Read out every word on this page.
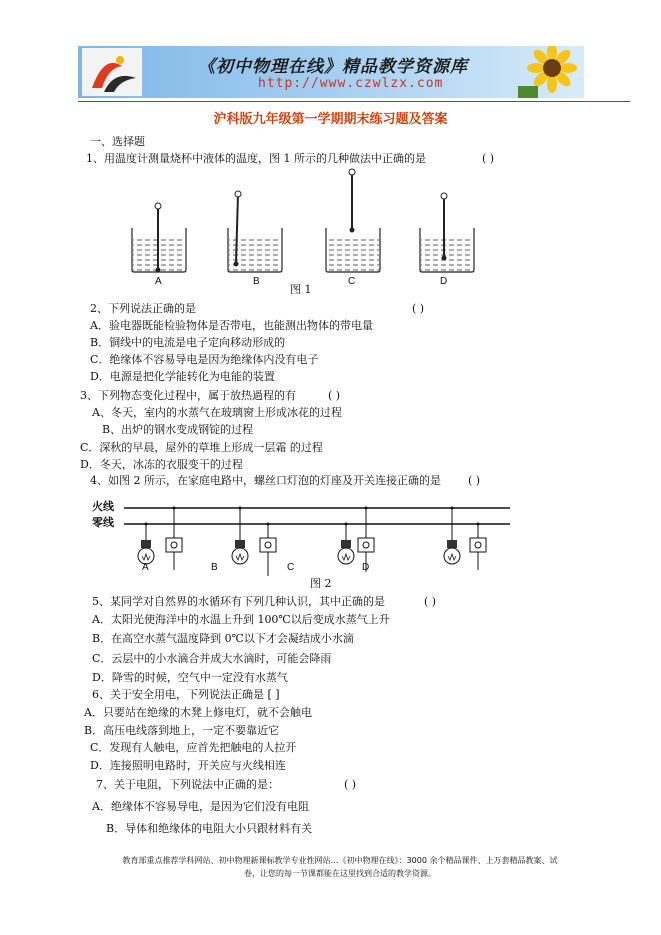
《初中物理在线》精品教学资源库
http://www.czwlzx.com
沪科版九年级第一学期期末练习题及答案
一、选择题
1、用温度计测量烧杯中液体的温度，图 1 所示的几种做法中正确的是	( )
A	B	C	D
图 1
2、下列说法正确的是	( )
A．验电器既能检验物体是否带电，也能测出物体的带电量
B．铜线中的电流是电子定向移动形成的
C．绝缘体不容易导电是因为绝缘体内没有电子
D．电源是把化学能转化为电能的装置
3、下列物态变化过程中，属于放热過程的有	( )
A、冬天，室内的水蒸气在玻璃窗上形成冰花的过程
B、出炉的钢水变成钢锭的过程
C．深秋的早晨，屋外的草堆上形成一层霜 的过程
D．冬天，冰冻的衣服变干的过程
4、如图 2 所示，在家庭电路中，螺丝口灯泡的灯座及开关连接正确的是 ( )
火线
零线
A	B	C	D
图 2
5、某同学对自然界的水循环有下列几种认识，其中正确的是	( )
A．太阳光使海洋中的水温上升到 100℃以后变成水蒸气上升
B．在高空水蒸气温度降到 0℃以下才会凝结成小水滴
C．云层中的小水滴合并成大水滴时，可能会降雨
D．降雪的时候，空气中一定没有水蒸气
6、关于安全用电，下列说法正确是 [ ]
A．只要站在绝缘的木凳上修电灯，就不会触电
B．高压电线落到地上，一定不要靠近它
C．发现有人触电，应首先把触电的人拉开
D．连接照明电路时，开关应与火线相连
7、关于电阻，下列说法中正确的是：	( )
A．绝缘体不容易导电，是因为它们没有电阻
B．导体和绝缘体的电阻大小只跟材料有关
教育部重点推荐学科网站、初中物理新课标教学专业性网站…《初中物理在线》：3000 余个精品课件、上万套精品教案、试
卷，让您的每一节课都能在这里找到合适的教学资源。
